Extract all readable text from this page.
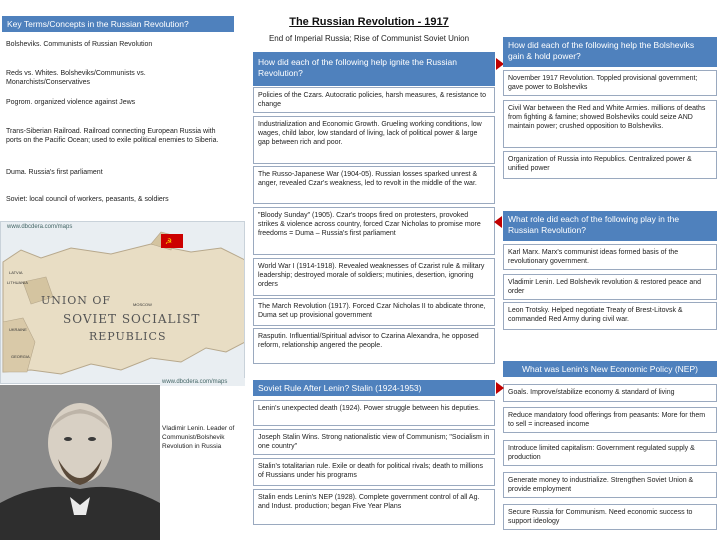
The Russian Revolution - 1917
End of Imperial Russia; Rise of Communist Soviet Union
Key Terms/Concepts in the Russian Revolution?
Bolsheviks. Communists of Russian Revolution
Reds vs. Whites. Bolsheviks/Communists vs. Monarchists/Conservatives
Pogrom. organized violence against Jews
Trans-Siberian Railroad. Railroad connecting European Russia with ports on the Pacific Ocean; used to exile political enemies to Siberia.
Duma. Russia's first parliament
Soviet: local council of workers, peasants, & soldiers
☭
www.dbcdera.com/maps
UNION OF
SOVIET SOCIALIST
REPUBLICS
LATVIA
LITHUANIA
UKRAINE
GEORGIA
MOSCOW
www.dbcdera.com/maps
Vladimir Lenin. Leader of Communist/Bolshevik Revolution in Russia
How did each of the following help ignite the Russian Revolution?
Policies of the Czars. Autocratic policies, harsh measures, & resistance to change
Industrialization and Economic Growth. Grueling working conditions, low wages, child labor, low standard of living, lack of political power & large gap between rich and poor.
The Russo-Japanese War (1904-05). Russian losses sparked unrest & anger, revealed Czar's weakness, led to revolt in the middle of the war.
"Bloody Sunday" (1905). Czar's troops fired on protesters, provoked strikes & violence across country, forced Czar Nicholas to promise more freedoms = Duma – Russia's first parliament
World War I (1914-1918). Revealed weaknesses of Czarist rule & military leadership; destroyed morale of soldiers; mutinies, desertion, ignoring orders
The March Revolution (1917). Forced Czar Nicholas II to abdicate throne, Duma set up provisional government
Rasputin. Influential/Spiritual advisor to Czarina Alexandra, he opposed reform, relationship angered the people.
How did each of the following help the Bolsheviks gain & hold power?
November 1917 Revolution. Toppled provisional government; gave power to Bolsheviks
Civil War between the Red and White Armies. millions of deaths from fighting & famine; showed Bolsheviks could seize AND maintain power; crushed opposition to Bolsheviks.
Organization of Russia into Republics. Centralized power & unified power
What role did each of the following play in the Russian Revolution?
Karl Marx. Marx's communist ideas formed basis of the revolutionary government.
Vladimir Lenin. Led Bolshevik revolution & restored peace and order
Leon Trotsky. Helped negotiate Treaty of Brest-Litovsk & commanded Red Army during civil war.
What was Lenin's New Economic Policy (NEP)
Goals. Improve/stabilize economy & standard of living
Reduce mandatory food offerings from peasants: More for them to sell = increased income
Introduce limited capitalism: Government regulated supply & production
Generate money to industrialize. Strengthen Soviet Union & provide employment
Secure Russia for Communism. Need economic success to support ideology
Soviet Rule After Lenin? Stalin (1924-1953)
Lenin's unexpected death (1924). Power struggle between his deputies.
Joseph Stalin Wins. Strong nationalistic view of Communism; "Socialism in one country"
Stalin's totalitarian rule. Exile or death for political rivals; death to millions of Russians under his programs
Stalin ends Lenin's NEP (1928). Complete government control of all Ag. and Indust. production; began Five Year Plans
